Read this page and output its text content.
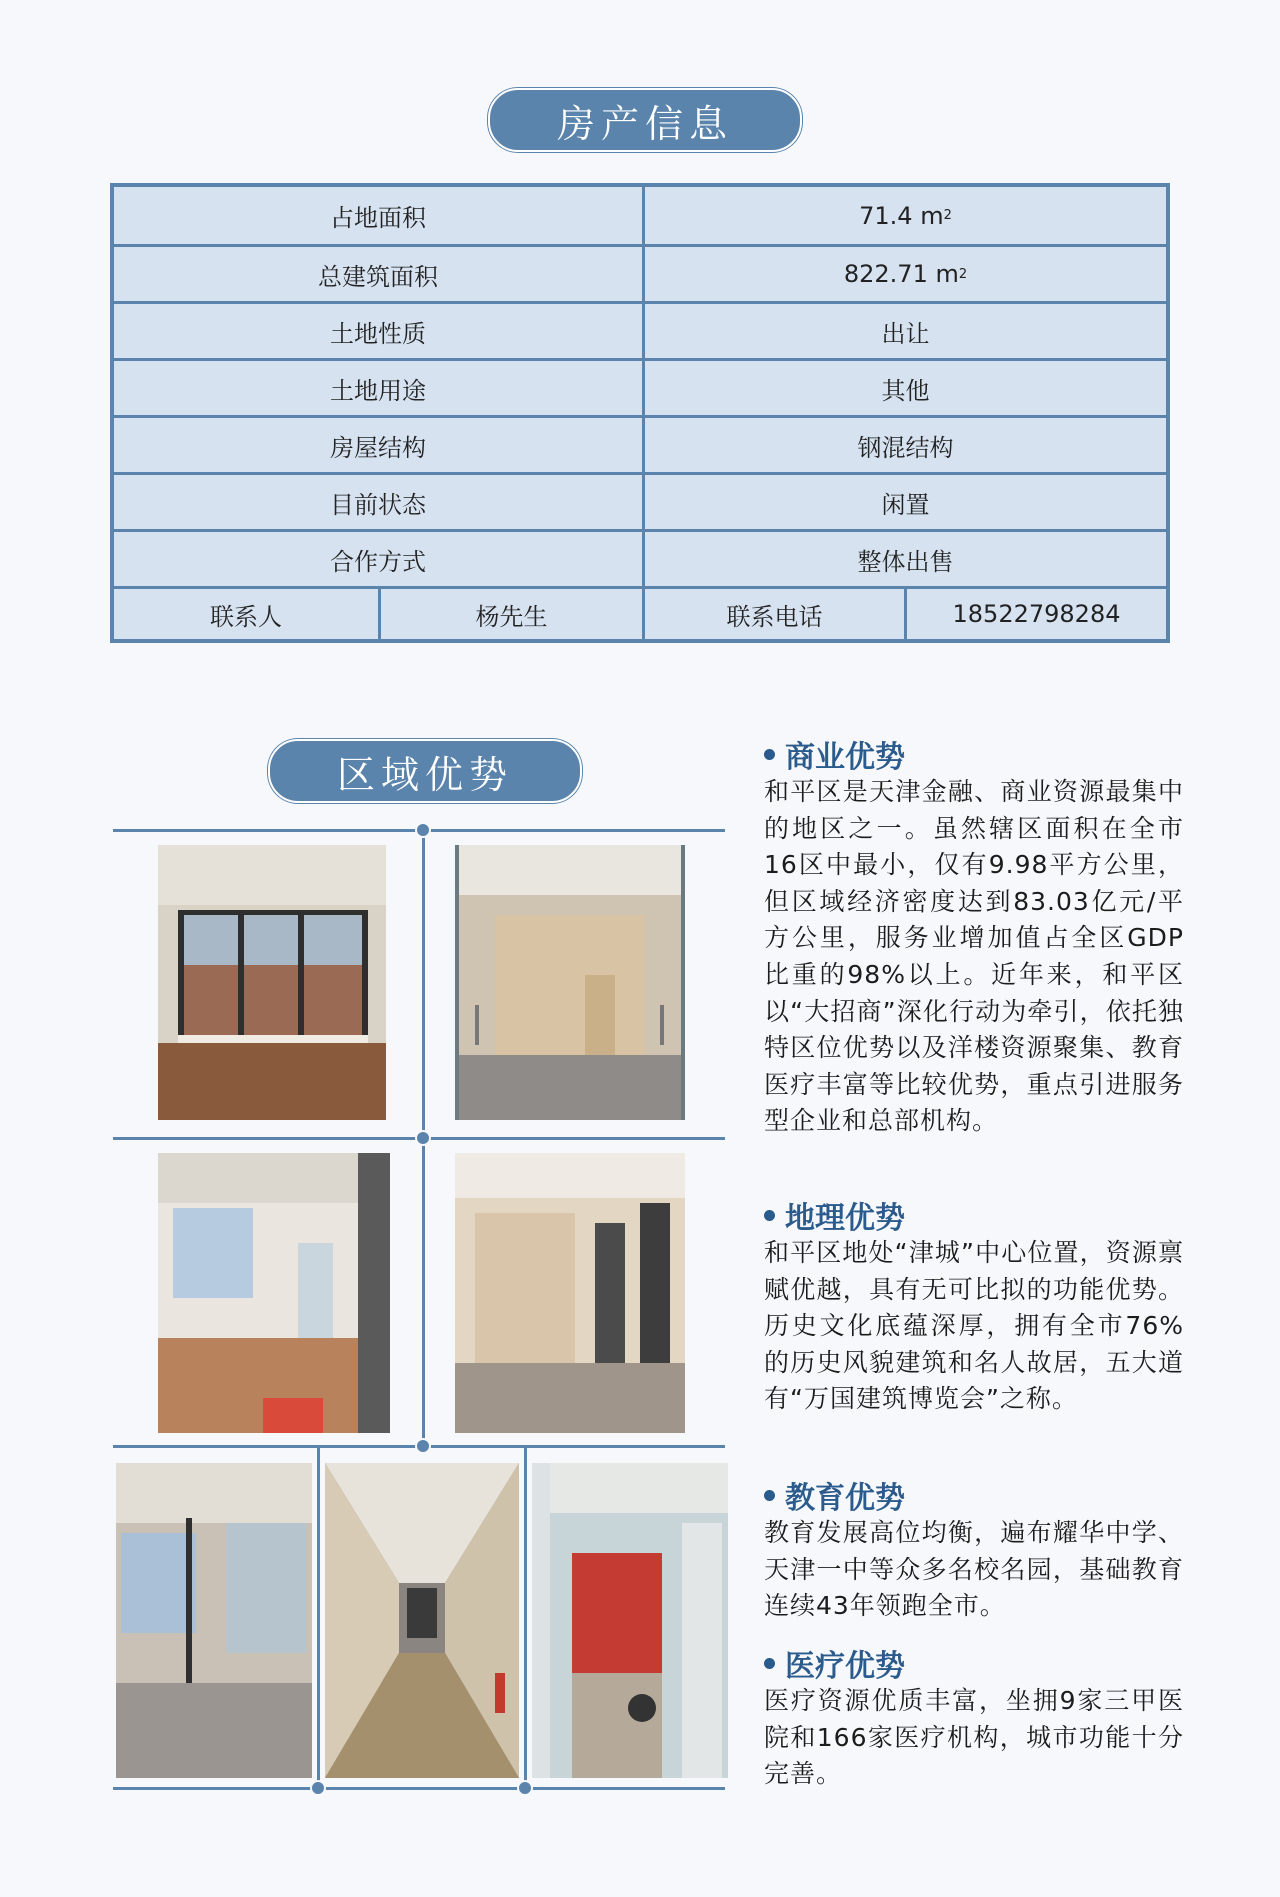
房产信息
占地面积	71.4 m 2
总建筑面积	822.71 m 2
土地性质	出让
土地用途	其他
房屋结构	钢混结构
目前状态	闲置
合作方式	整体出售
联系人	杨先生	联系电话	18522798284
区域优势	商业优势
和平区是天津金融、商业资源最集中的地区之一。虽然辖区面积在全市16区中最小，仅有9.98平方公里，但区域经济密度达到83.03亿元/平方公里，服务业增加值占全区GDP比重的98%以上。近年来，和平区以“大招商”深化行动为牵引，依托独特区位优势以及洋楼资源聚集、教育医疗丰富等比较优势，重点引进服务型企业和总部机构。
地理优势
和平区地处“津城”中心位置，资源禀赋优越，具有无可比拟的功能优势。历史文化底蕴深厚，拥有全市76%的历史风貌建筑和名人故居，五大道有“万国建筑博览会”之称。
教育优势
教育发展高位均衡，遍布耀华中学、天津一中等众多名校名园，基础教育连续43年领跑全市。
医疗优势
医疗资源优质丰富，坐拥9家三甲医院和166家医疗机构，城市功能十分完善。
